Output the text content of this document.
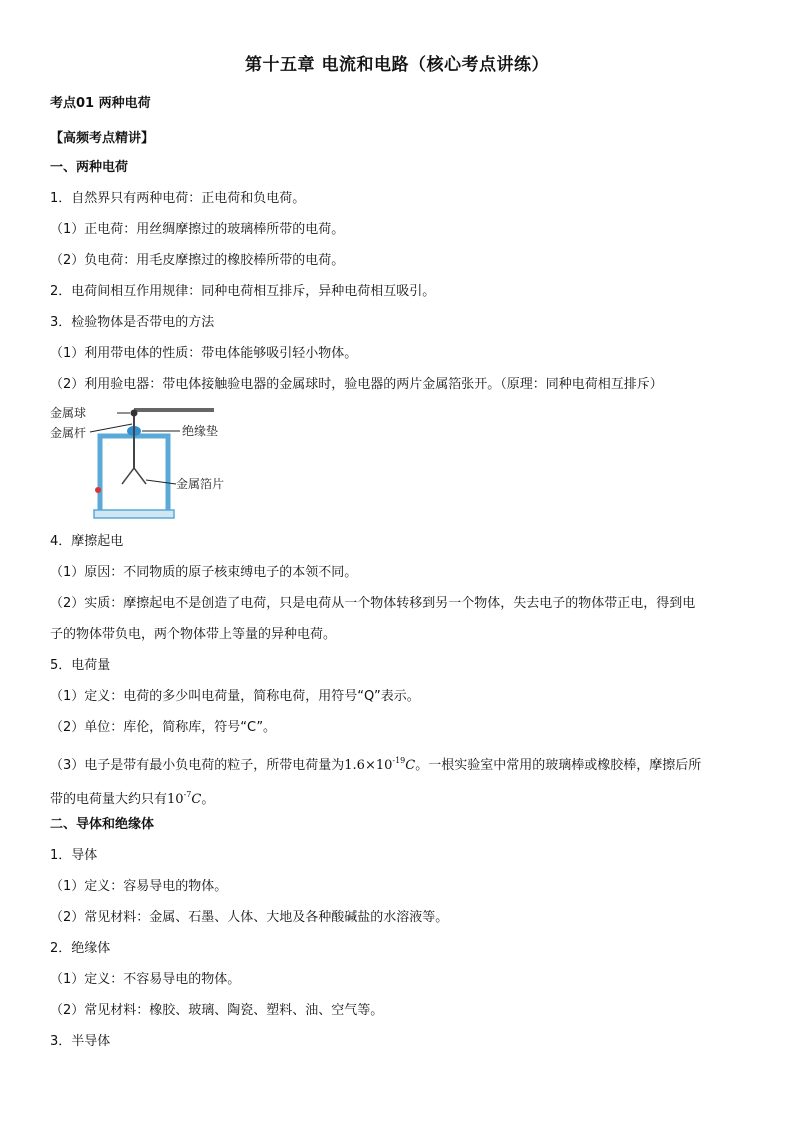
第十五章 电流和电路（核心考点讲练）
考点01 两种电荷
【高频考点精讲】
一、两种电荷
1．自然界只有两种电荷：正电荷和负电荷。
（1）正电荷：用丝绸摩擦过的玻璃棒所带的电荷。
（2）负电荷：用毛皮摩擦过的橡胶棒所带的电荷。
2．电荷间相互作用规律：同种电荷相互排斥，异种电荷相互吸引。
3．检验物体是否带电的方法
（1）利用带电体的性质：带电体能够吸引轻小物体。
（2）利用验电器：带电体接触验电器的金属球时，验电器的两片金属箔张开。（原理：同种电荷相互排斥）
金属球
金属杆	绝缘垫
金属箔片
4．摩擦起电
（1）原因：不同物质的原子核束缚电子的本领不同。
（2）实质：摩擦起电不是创造了电荷，只是电荷从一个物体转移到另一个物体，失去电子的物体带正电，得到电
子的物体带负电，两个物体带上等量的异种电荷。
5．电荷量
（1）定义：电荷的多少叫电荷量，简称电荷，用符号“Q”表示。
（2）单位：库伦，简称库，符号“C”。
（3）电子是带有最小负电荷的粒子，所带电荷量为$1.6\times 10^{-19}C$。一根实验室中常用的玻璃棒或橡胶棒，摩擦后所
带的电荷量大约只有$10^{-7}C$。
二、导体和绝缘体
1．导体
（1）定义：容易导电的物体。
（2）常见材料：金属、石墨、人体、大地及各种酸碱盐的水溶液等。
2．绝缘体
（1）定义：不容易导电的物体。
（2）常见材料：橡胶、玻璃、陶瓷、塑料、油、空气等。
3．半导体
